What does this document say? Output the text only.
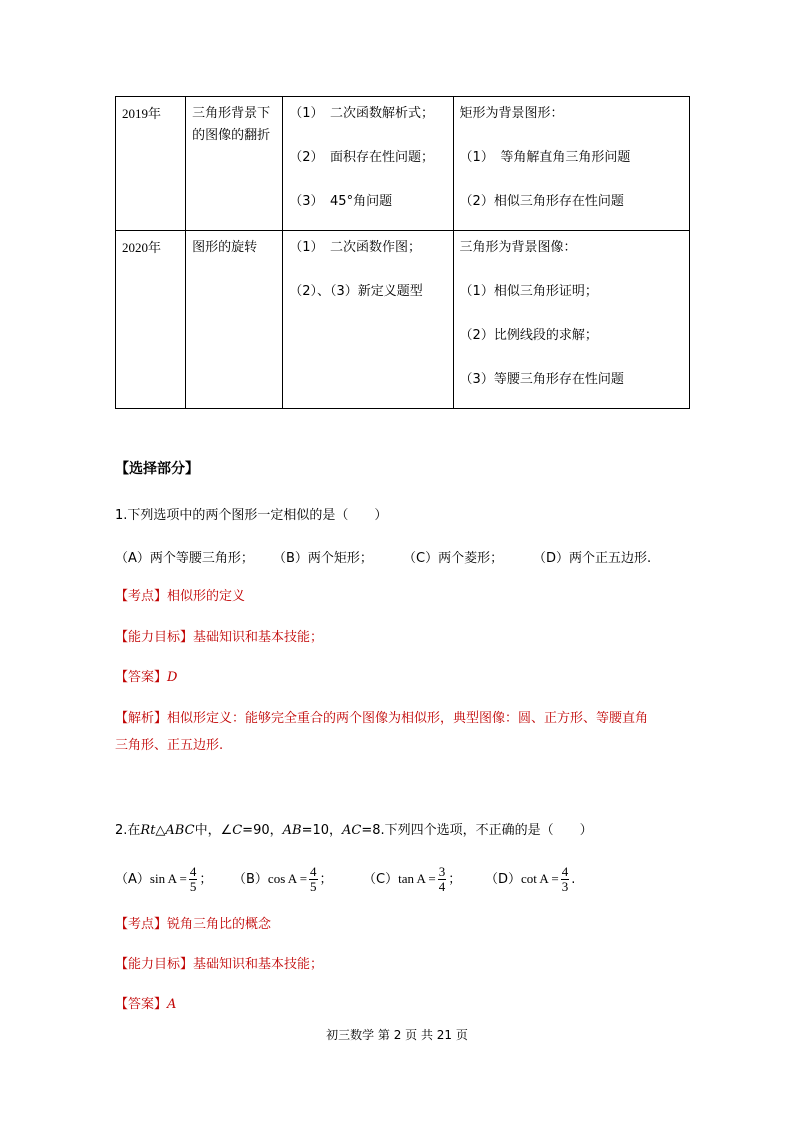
2019年	三角形背景下的图像的翻折	（1）　二次函数解析式；
（2）　面积存在性问题；
（3）　45°角问题	矩形为背景图形：
（1）　等角解直角三角形问题
（2）相似三角形存在性问题

2020年	图形的旋转	（1）　二次函数作图；
（2）、（3）新定义题型	三角形为背景图像：
（1）相似三角形证明；
（2）比例线段的求解；
（3）等腰三角形存在性问题
【选择部分】
1.下列选项中的两个图形一定相似的是（　　）
（A）两个等腰三角形； （B）两个矩形； （C）两个菱形； （D）两个正五边形.
【考点】相似形的定义
【能力目标】基础知识和基本技能；
【答案】D
【解析】相似形定义：能够完全重合的两个图像为相似形，典型图像：圆、正方形、等腰直角
三角形、正五边形.
2.在Rt△ABC中，∠C=90，AB=10，AC=8.下列四个选项，不正确的是（　　）
（A）sin $A = \frac{4}{5}$ ； （B）cos $A = \frac{4}{5}$ ； （C）tan $A = \frac{3}{4}$ ； （D）cot $A = \frac{4}{3}$ .
【考点】锐角三角比的概念
【能力目标】基础知识和基本技能；
【答案】A
初三数学 第 2 页 共 21 页
